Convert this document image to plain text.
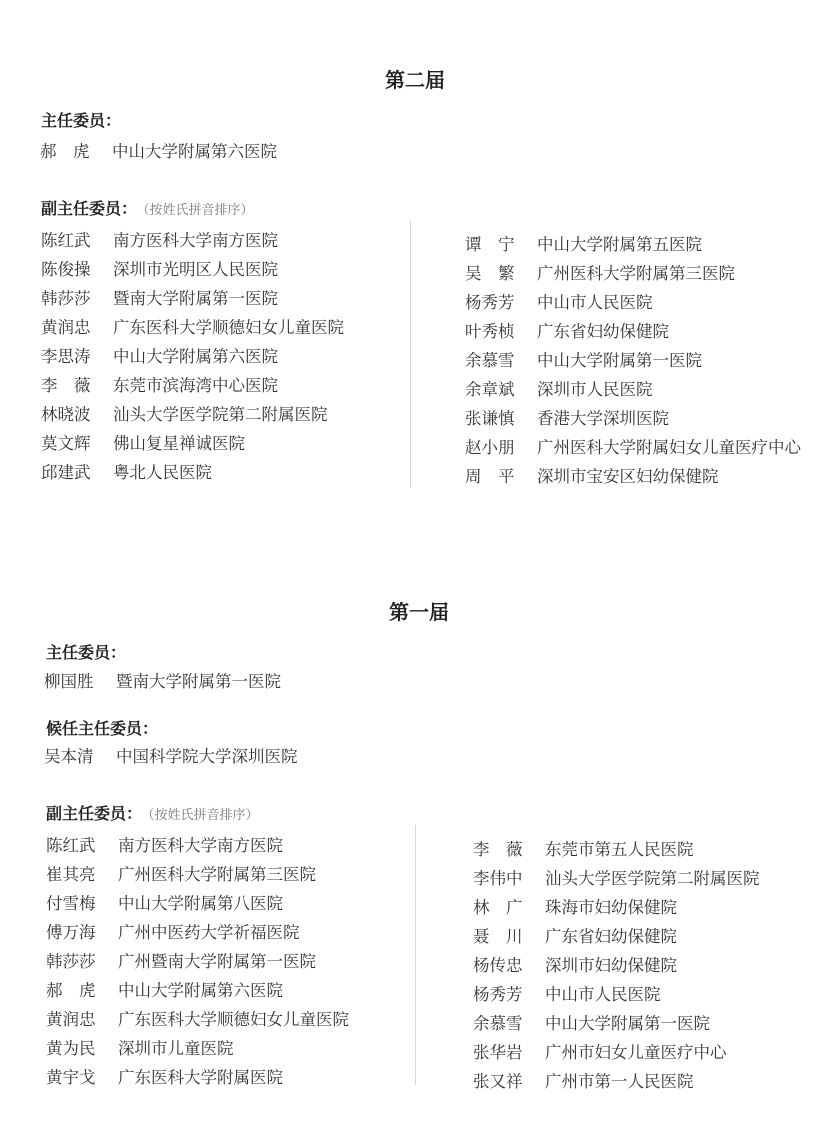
第二届
主任委员：
郝　虎 中山大学附属第六医院
副主任委员： （按姓氏拼音排序）
陈红武 南方医科大学南方医院
陈俊操 深圳市光明区人民医院
韩莎莎 暨南大学附属第一医院
黄润忠 广东医科大学顺德妇女儿童医院
李思涛 中山大学附属第六医院
李　薇 东莞市滨海湾中心医院
林晓波 汕头大学医学院第二附属医院
莫文辉 佛山复星禅诚医院
邱建武 粤北人民医院
谭　宁 中山大学附属第五医院
吴　繁 广州医科大学附属第三医院
杨秀芳 中山市人民医院
叶秀桢 广东省妇幼保健院
余慕雪 中山大学附属第一医院
余章斌 深圳市人民医院
张谦慎 香港大学深圳医院
赵小朋 广州医科大学附属妇女儿童医疗中心
周　平 深圳市宝安区妇幼保健院
第一届
主任委员：
柳国胜 暨南大学附属第一医院
候任主任委员：
吴本清 中国科学院大学深圳医院
副主任委员： （按姓氏拼音排序）
陈红武 南方医科大学南方医院
崔其亮 广州医科大学附属第三医院
付雪梅 中山大学附属第八医院
傅万海 广州中医药大学祈福医院
韩莎莎 广州暨南大学附属第一医院
郝　虎 中山大学附属第六医院
黄润忠 广东医科大学顺德妇女儿童医院
黄为民 深圳市儿童医院
黄宇戈 广东医科大学附属医院
李　薇 东莞市第五人民医院
李伟中 汕头大学医学院第二附属医院
林　广 珠海市妇幼保健院
聂　川 广东省妇幼保健院
杨传忠 深圳市妇幼保健院
杨秀芳 中山市人民医院
余慕雪 中山大学附属第一医院
张华岩 广州市妇女儿童医疗中心
张又祥 广州市第一人民医院
